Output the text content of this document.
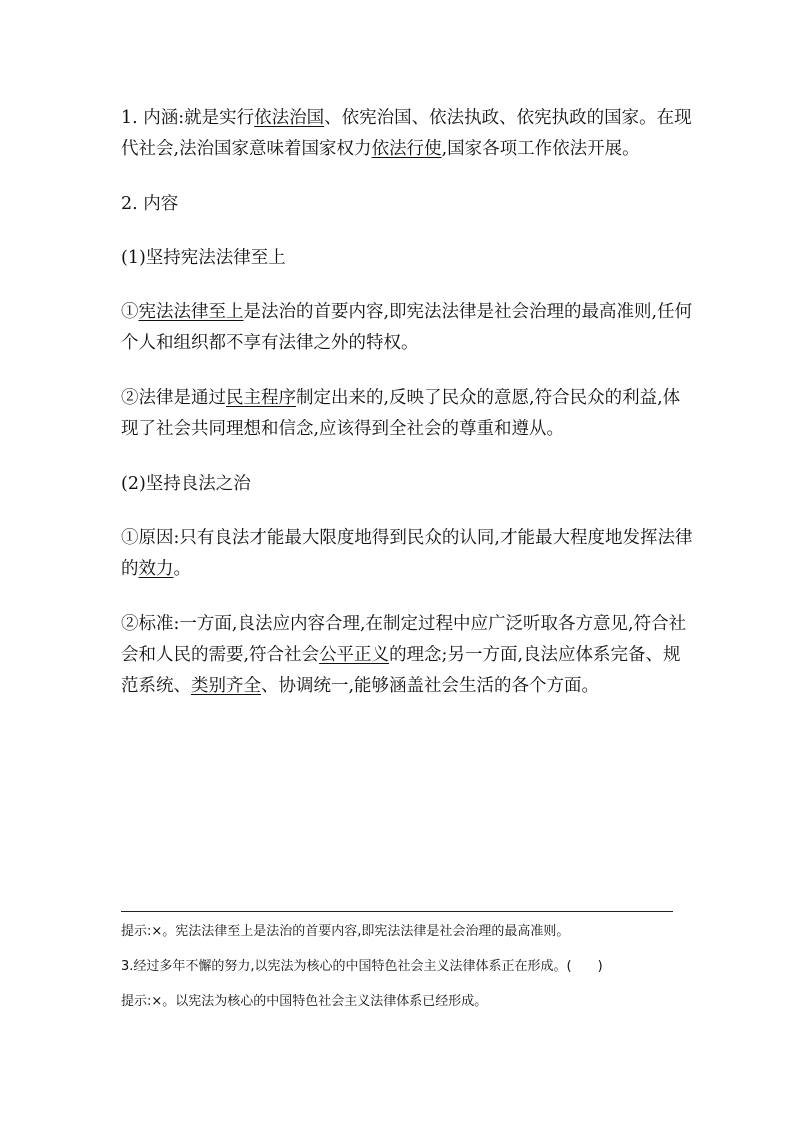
1. 内涵:就是实行依法治国、依宪治国、依法执政、依宪执政的国家。在现代社会,法治国家意味着国家权力依法行使,国家各项工作依法开展。

2. 内容

(1)坚持宪法法律至上

①宪法法律至上是法治的首要内容,即宪法法律是社会治理的最高准则,任何个人和组织都不享有法律之外的特权。

②法律是通过民主程序制定出来的,反映了民众的意愿,符合民众的利益,体现了社会共同理想和信念,应该得到全社会的尊重和遵从。

(2)坚持良法之治

①原因:只有良法才能最大限度地得到民众的认同,才能最大程度地发挥法律的效力。

②标准:一方面,良法应内容合理,在制定过程中应广泛听取各方意见,符合社会和人民的需要,符合社会公平正义的理念;另一方面,良法应体系完备、规范系统、类别齐全、协调统一,能够涵盖社会生活的各个方面。

提示:×。宪法法律至上是法治的首要内容,即宪法法律是社会治理的最高准则。

3.经过多年不懈的努力,以宪法为核心的中国特色社会主义法律体系正在形成。(　　)

提示:×。以宪法为核心的中国特色社会主义法律体系已经形成。
